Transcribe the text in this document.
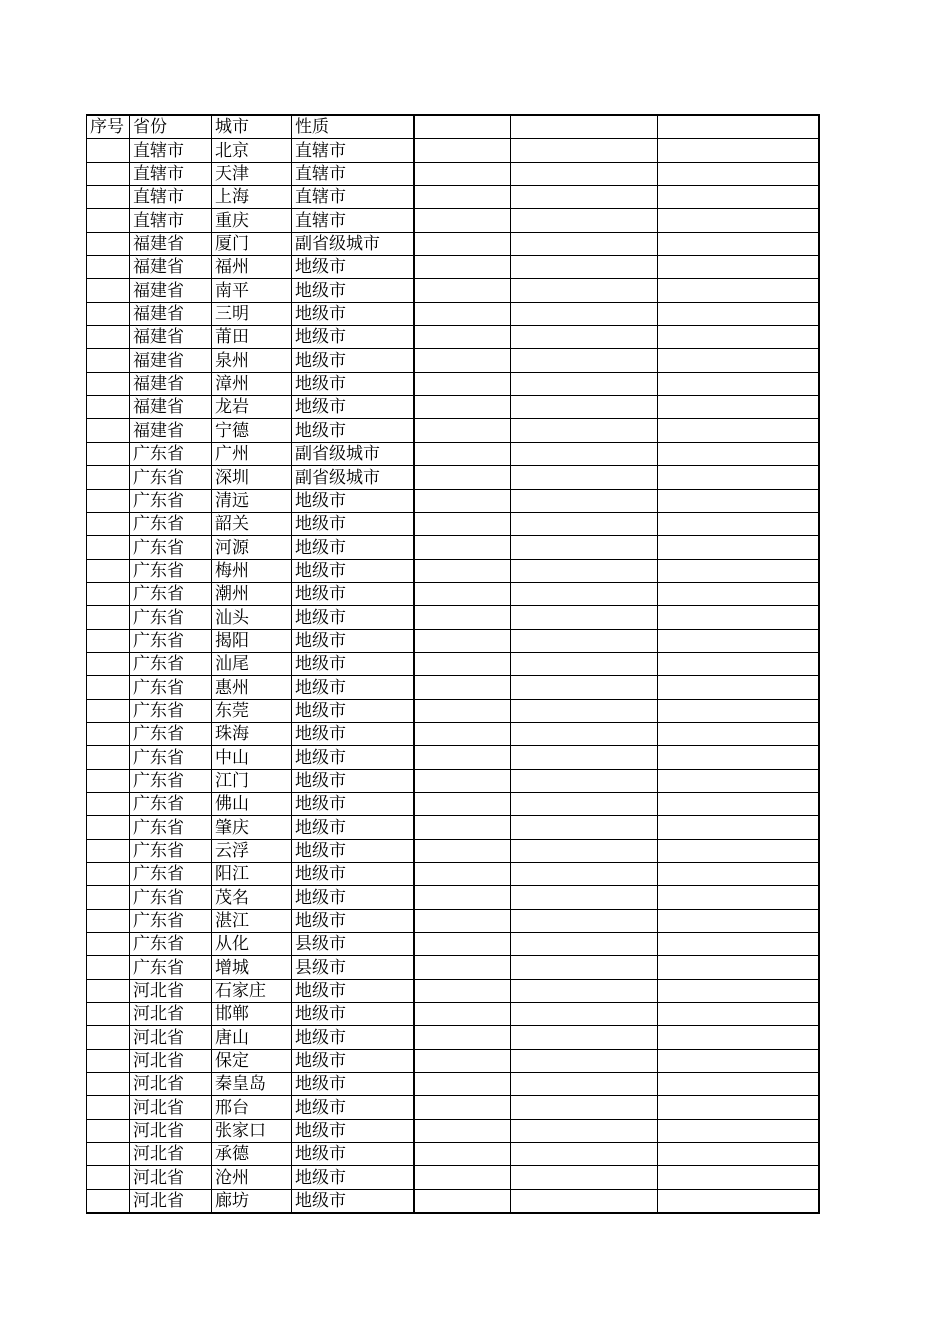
序号	省份	城市	性质			
	直辖市	北京	直辖市			
	直辖市	天津	直辖市			
	直辖市	上海	直辖市			
	直辖市	重庆	直辖市			
	福建省	厦门	副省级城市			
	福建省	福州	地级市			
	福建省	南平	地级市			
	福建省	三明	地级市			
	福建省	莆田	地级市			
	福建省	泉州	地级市			
	福建省	漳州	地级市			
	福建省	龙岩	地级市			
	福建省	宁德	地级市			
	广东省	广州	副省级城市			
	广东省	深圳	副省级城市			
	广东省	清远	地级市			
	广东省	韶关	地级市			
	广东省	河源	地级市			
	广东省	梅州	地级市			
	广东省	潮州	地级市			
	广东省	汕头	地级市			
	广东省	揭阳	地级市			
	广东省	汕尾	地级市			
	广东省	惠州	地级市			
	广东省	东莞	地级市			
	广东省	珠海	地级市			
	广东省	中山	地级市			
	广东省	江门	地级市			
	广东省	佛山	地级市			
	广东省	肇庆	地级市			
	广东省	云浮	地级市			
	广东省	阳江	地级市			
	广东省	茂名	地级市			
	广东省	湛江	地级市			
	广东省	从化	县级市			
	广东省	增城	县级市			
	河北省	石家庄	地级市			
	河北省	邯郸	地级市			
	河北省	唐山	地级市			
	河北省	保定	地级市			
	河北省	秦皇岛	地级市			
	河北省	邢台	地级市			
	河北省	张家口	地级市			
	河北省	承德	地级市			
	河北省	沧州	地级市			
	河北省	廊坊	地级市			
